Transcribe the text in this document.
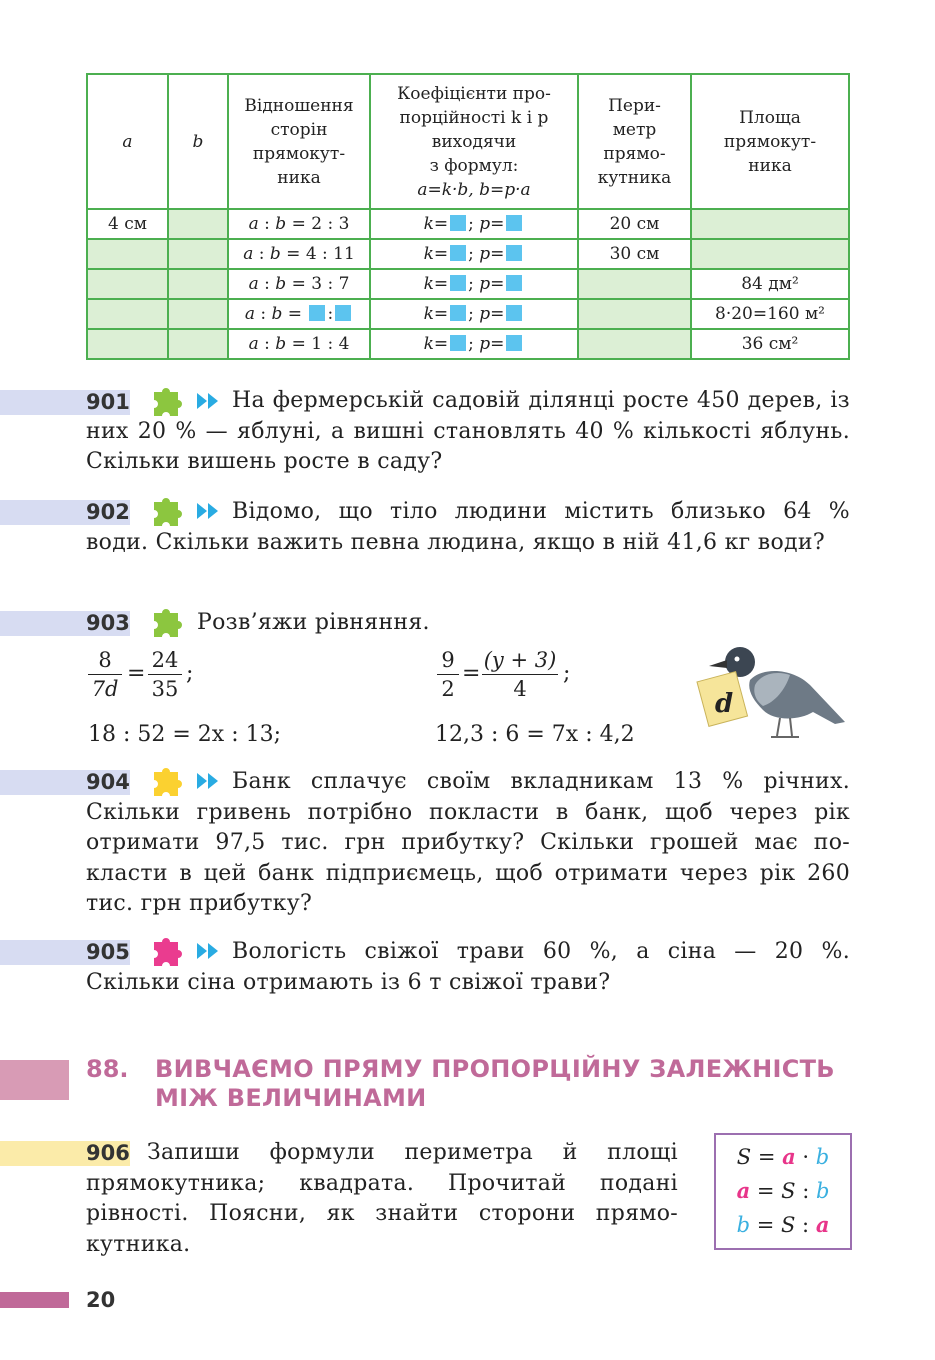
a	b	Відношення
сторін
прямокут-
ника	Коефіцієнти про-
порційності k і p
виходячи
з формул:
a=k·b, b=p·a	Пери-
метр
прямо-
кутника	Площа
прямокут-
ника
4 см		a : b = 2 : 3	k= ; p=	20 см	
		a : b = 4 : 11	k= ; p=	30 см	
		a : b = 3 : 7	k= ; p=		84 дм²
		a : b = :	k= ; p=		8·20=160 м²
		a : b = 1 : 4	k= ; p=		36 см²
901	На фермерській садовій ділянці росте 450 дерев, із них 20 % — яблуні, а вишні становлять 40 % кількості яблунь. Скільки вишень росте в саду?
902	Відомо, що тіло людини містить близько 64 % води. Скільки важить певна людина, якщо в ній 41,6 кг води?
903	Розв’яжи рівняння.
8
7d
=
24
35
;
9
2
=
(y + 3)
4
;
18 : 52 = 2x : 13;	12,3 : 6 = 7x : 4,2
d
904	Банк сплачує своїм вкладникам 13 % річних. Скільки гривень потрібно покласти в банк, щоб через рік отримати 97,5 тис. грн прибутку? Скільки грошей має по-класти в цей банк підприємець, щоб отримати через рік 260 тис. грн прибутку?
905	Вологість свіжої трави 60 %, а сіна — 20 %. Скільки сіна отримають із 6 т свіжої трави?
88. ВИВЧАЄМО ПРЯМУ ПРОПОРЦІЙНУ ЗАЛЕЖНІСТЬ МІЖ ВЕЛИЧИНАМИ
906 Запиши формули периметра й площі прямокутника; квадрата. Прочитай подані рівності. Поясни, як знайти сторони прямо-кутника.
S = a · b
a = S : b
b = S : a
20
